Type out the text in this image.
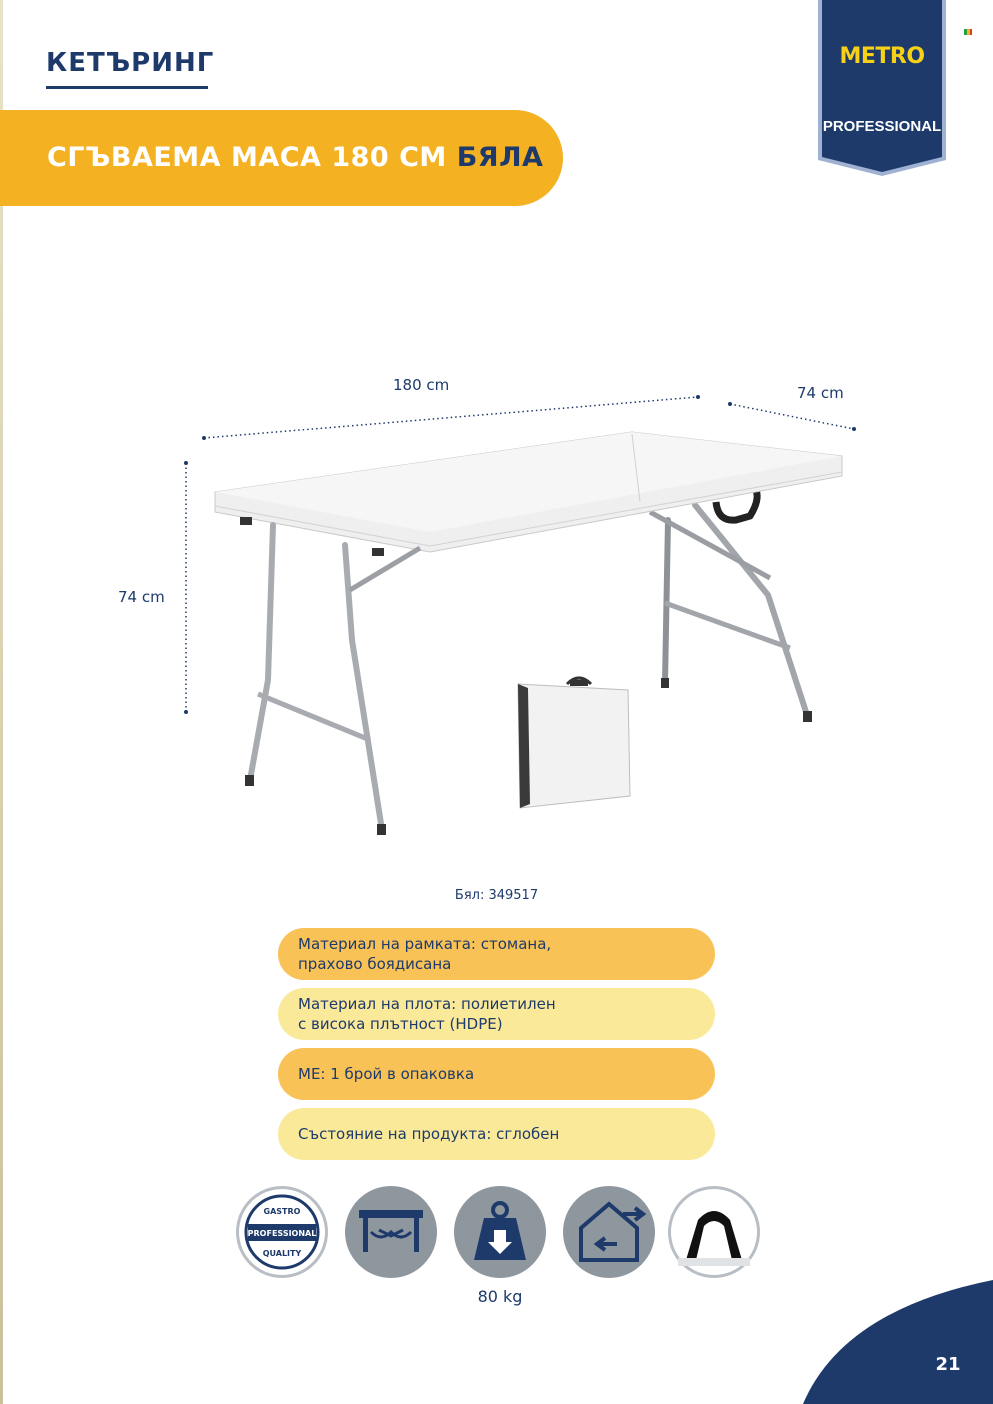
КЕТЪРИНГ
СГЪВАЕМА МАСА 180 СМ БЯЛА
METRO
PROFESSIONAL
180 cm	74 cm
74 cm
Бял: 349517
Материал на рамката: стомана,
прахово боядисана
Материал на плота: полиетилен
с висока плътност (HDPE)
МЕ: 1 брой в опаковка
Състояние на продукта: сглобен
PROFESSIONAL
GASTRO
QUALITY
80 kg
21
